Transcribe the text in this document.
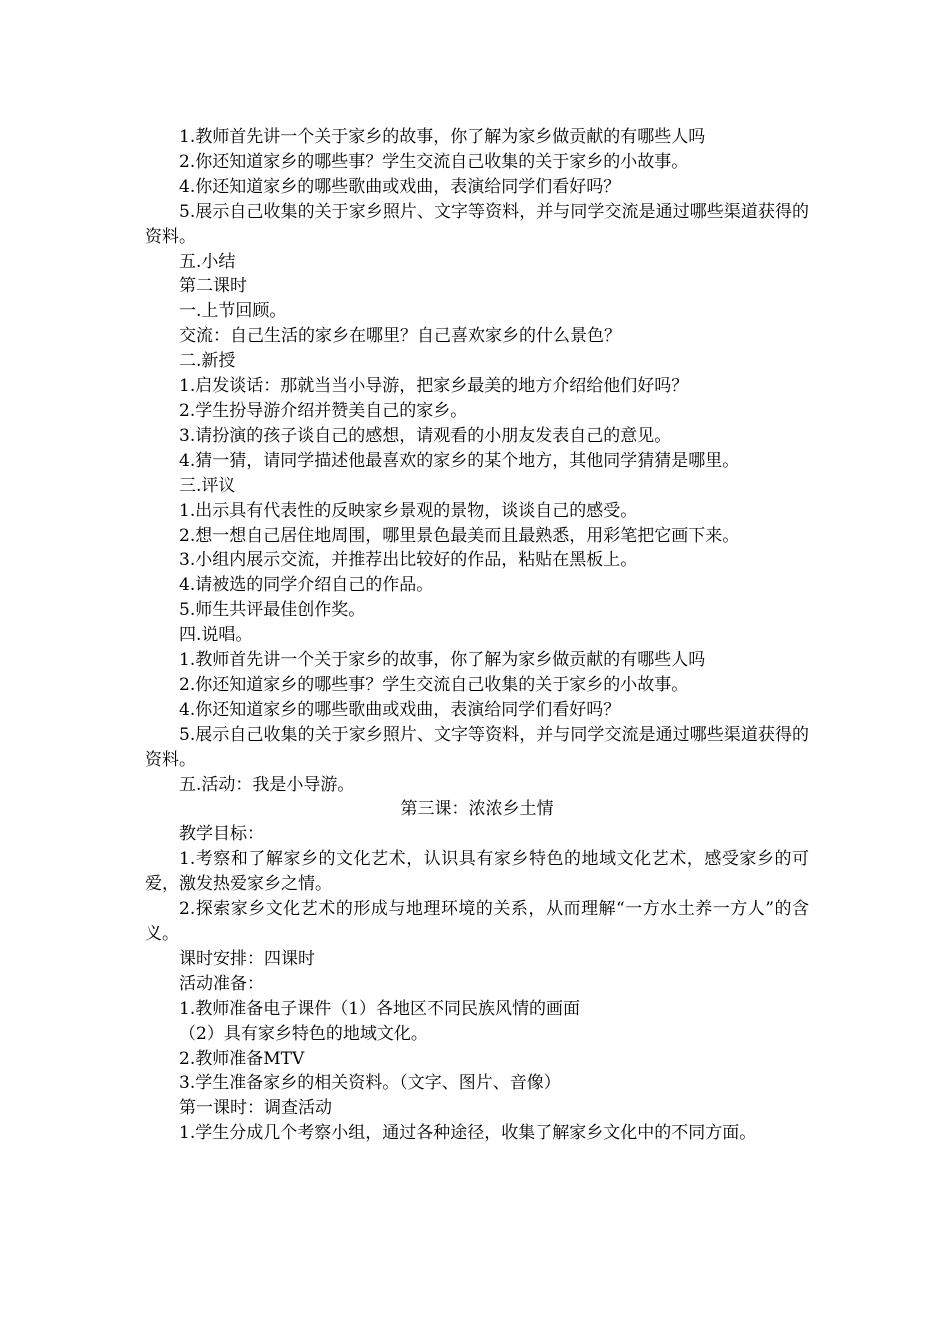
1.教师首先讲一个关于家乡的故事，你了解为家乡做贡献的有哪些人吗

2.你还知道家乡的哪些事？学生交流自己收集的关于家乡的小故事。

4.你还知道家乡的哪些歌曲或戏曲，表演给同学们看好吗？

5.展示自己收集的关于家乡照片、文字等资料，并与同学交流是通过哪些渠道获得的资料。

五.小结

第二课时

一.上节回顾。

交流：自己生活的家乡在哪里？自己喜欢家乡的什么景色？

二.新授

1.启发谈话：那就当当小导游，把家乡最美的地方介绍给他们好吗？

2.学生扮导游介绍并赞美自己的家乡。

3.请扮演的孩子谈自己的感想，请观看的小朋友发表自己的意见。

4.猜一猜，请同学描述他最喜欢的家乡的某个地方，其他同学猜猜是哪里。

三.评议

1.出示具有代表性的反映家乡景观的景物，谈谈自己的感受。

2.想一想自己居住地周围，哪里景色最美而且最熟悉，用彩笔把它画下来。

3.小组内展示交流，并推荐出比较好的作品，粘贴在黑板上。

4.请被选的同学介绍自己的作品。

5.师生共评最佳创作奖。

四.说唱。

1.教师首先讲一个关于家乡的故事，你了解为家乡做贡献的有哪些人吗

2.你还知道家乡的哪些事？学生交流自己收集的关于家乡的小故事。

4.你还知道家乡的哪些歌曲或戏曲，表演给同学们看好吗？

5.展示自己收集的关于家乡照片、文字等资料，并与同学交流是通过哪些渠道获得的资料。

五.活动：我是小导游。

第三课：浓浓乡土情

教学目标：

1.考察和了解家乡的文化艺术，认识具有家乡特色的地域文化艺术，感受家乡的可爱，激发热爱家乡之情。

2.探索家乡文化艺术的形成与地理环境的关系，从而理解“一方水土养一方人”的含义。

课时安排：四课时

活动准备：

1.教师准备电子课件（1）各地区不同民族风情的画面

（2）具有家乡特色的地域文化。

2.教师准备MTV

3.学生准备家乡的相关资料。（文字、图片、音像）

第一课时：调查活动

1.学生分成几个考察小组，通过各种途径，收集了解家乡文化中的不同方面。
